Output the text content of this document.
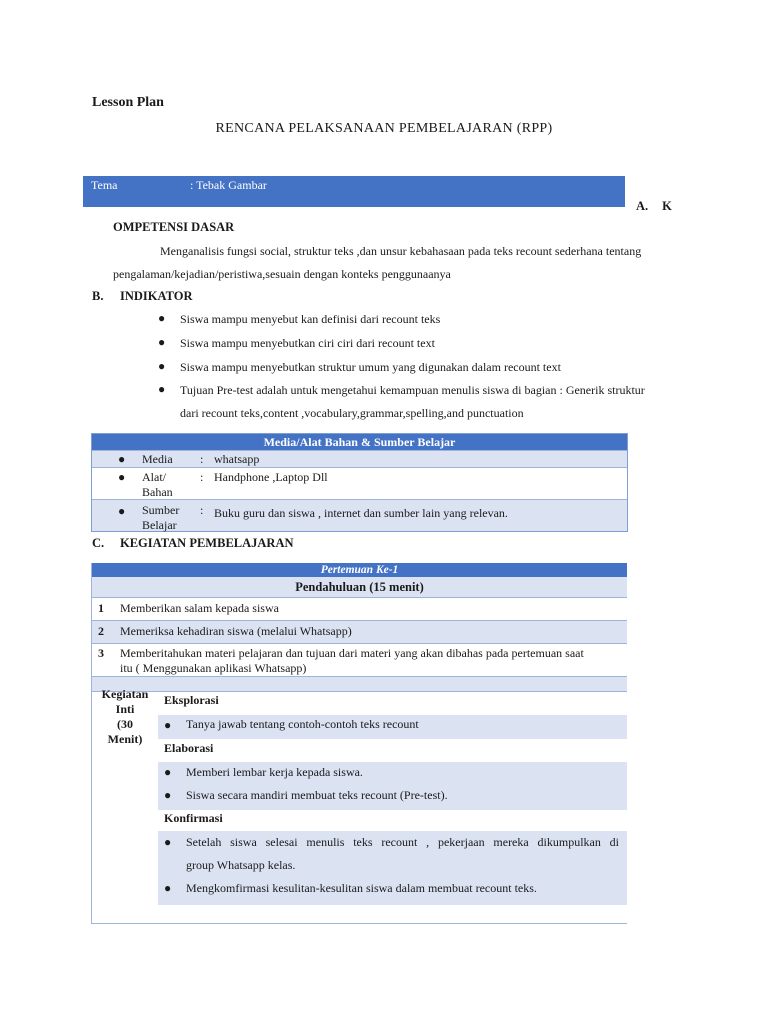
Lesson Plan
RENCANA PELAKSANAAN PEMBELAJARAN (RPP)
Tema	: Tebak Gambar
A. K
OMPETENSI DASAR
Menganalisis fungsi social, struktur teks ,dan unsur kebahasaan pada teks recount sederhana tentang
pengalaman/kejadian/peristiwa,sesuain dengan konteks penggunaanya
B. INDIKATOR
● Siswa mampu menyebut kan definisi dari recount teks
● Siswa mampu menyebutkan ciri ciri dari recount text
● Siswa mampu menyebutkan struktur umum yang digunakan dalam recount text
● Tujuan Pre-test adalah untuk mengetahui kemampuan menulis siswa di bagian : Generik struktur
dari recount teks,content ,vocabulary,grammar,spelling,and punctuation
Media/Alat Bahan & Sumber Belajar
● Media : whatsapp
● Alat/
Bahan
: Handphone ,Laptop Dll
● Sumber
Belajar
: Buku guru dan siswa , internet dan sumber lain yang relevan.
C. KEGIATAN PEMBELAJARAN
Pertemuan Ke-1
Pendahuluan (15 menit)
1 Memberikan salam kepada siswa
2 Memeriksa kehadiran siswa (melalui Whatsapp)
3 Memberitahukan materi pelajaran dan tujuan dari materi yang akan dibahas pada pertemuan saat
itu ( Menggunakan aplikasi Whatsapp)
Kegiatan
Inti
(30
Menit)
Eksplorasi
● Tanya jawab tentang contoh-contoh teks recount
Elaborasi
● Memberi lembar kerja kepada siswa.
● Siswa secara mandiri membuat teks recount (Pre-test).
Konfirmasi
● Setelah siswa selesai menulis teks recount , pekerjaan mereka dikumpulkan di
group Whatsapp kelas.
● Mengkomfirmasi kesulitan-kesulitan siswa dalam membuat recount teks.
